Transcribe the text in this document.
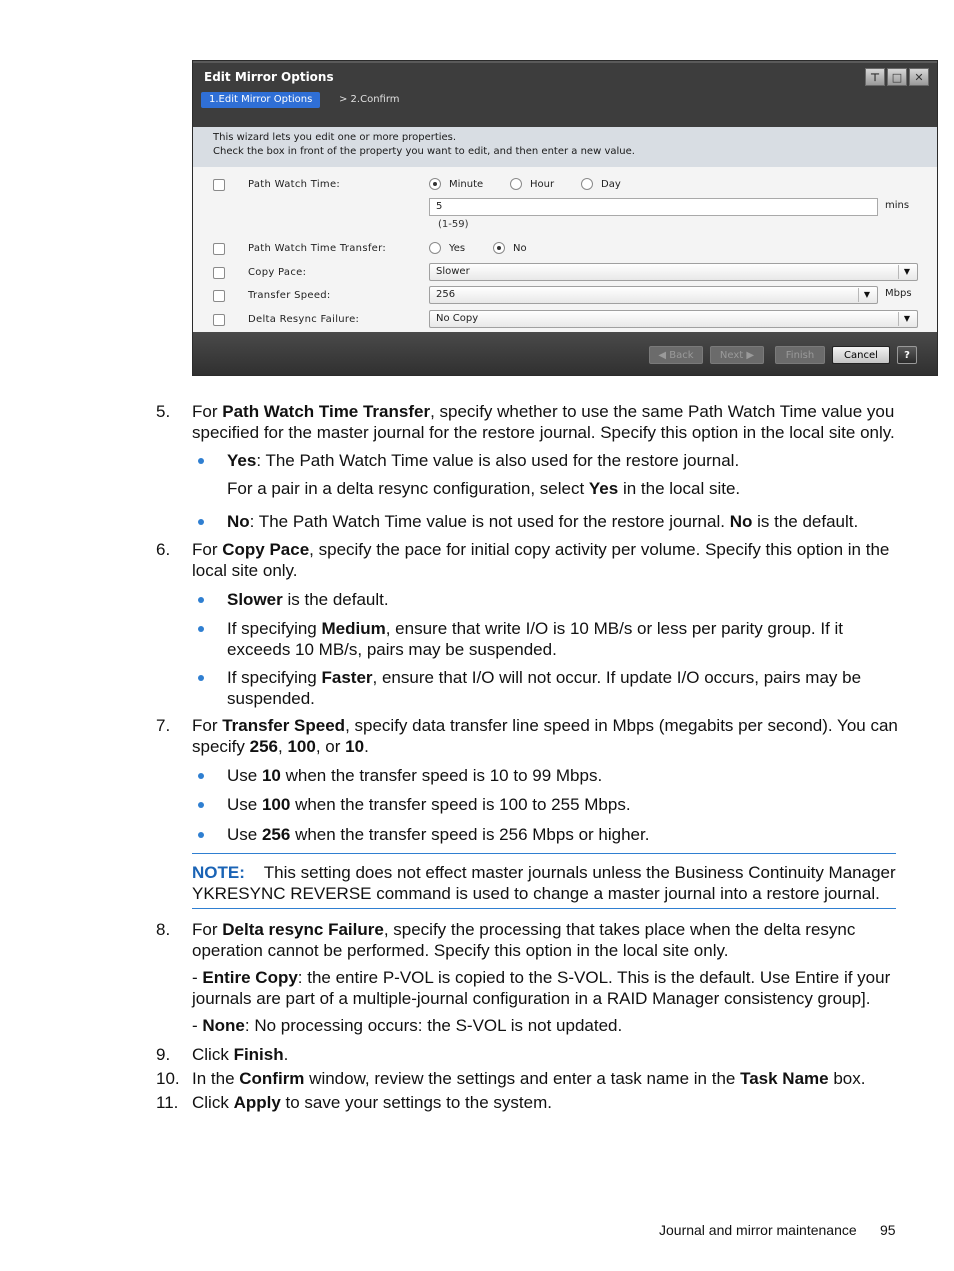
Edit Mirror Options	⊤	□	✕
1.Edit Mirror Options	> 2.Confirm
This wizard lets you edit one or more properties.
Check the box in front of the property you want to edit, and then enter a new value.
Path Watch Time:	Minute	Hour	Day
5	mins
(1-59)
Path Watch Time Transfer:	Yes	No
Copy Pace:	Slower	▼
Transfer Speed:	256	▼	Mbps
Delta Resync Failure:	No Copy	▼
◀ Back	Next ▶	Finish	Cancel	?
5. For Path Watch Time Transfer, specify whether to use the same Path Watch Time value you specified for the master journal for the restore journal. Specify this option in the local site only.
Yes: The Path Watch Time value is also used for the restore journal.
For a pair in a delta resync configuration, select Yes in the local site.
No: The Path Watch Time value is not used for the restore journal. No is the default.
6. For Copy Pace, specify the pace for initial copy activity per volume. Specify this option in the local site only.
Slower is the default.
If specifying Medium, ensure that write I/O is 10 MB/s or less per parity group. If it exceeds 10 MB/s, pairs may be suspended.
If specifying Faster, ensure that I/O will not occur. If update I/O occurs, pairs may be suspended.
7. For Transfer Speed, specify data transfer line speed in Mbps (megabits per second). You can specify 256, 100, or 10.
Use 10 when the transfer speed is 10 to 99 Mbps.
Use 100 when the transfer speed is 100 to 255 Mbps.
Use 256 when the transfer speed is 256 Mbps or higher.
NOTE: This setting does not effect master journals unless the Business Continuity Manager YKRESYNC REVERSE command is used to change a master journal into a restore journal.
8. For Delta resync Failure, specify the processing that takes place when the delta resync operation cannot be performed. Specify this option in the local site only.
- Entire Copy: the entire P-VOL is copied to the S-VOL. This is the default. Use Entire if your journals are part of a multiple-journal configuration in a RAID Manager consistency group].
- None: No processing occurs: the S-VOL is not updated.
9. Click Finish.
10. In the Confirm window, review the settings and enter a task name in the Task Name box.
11. Click Apply to save your settings to the system.
Journal and mirror maintenance 95
